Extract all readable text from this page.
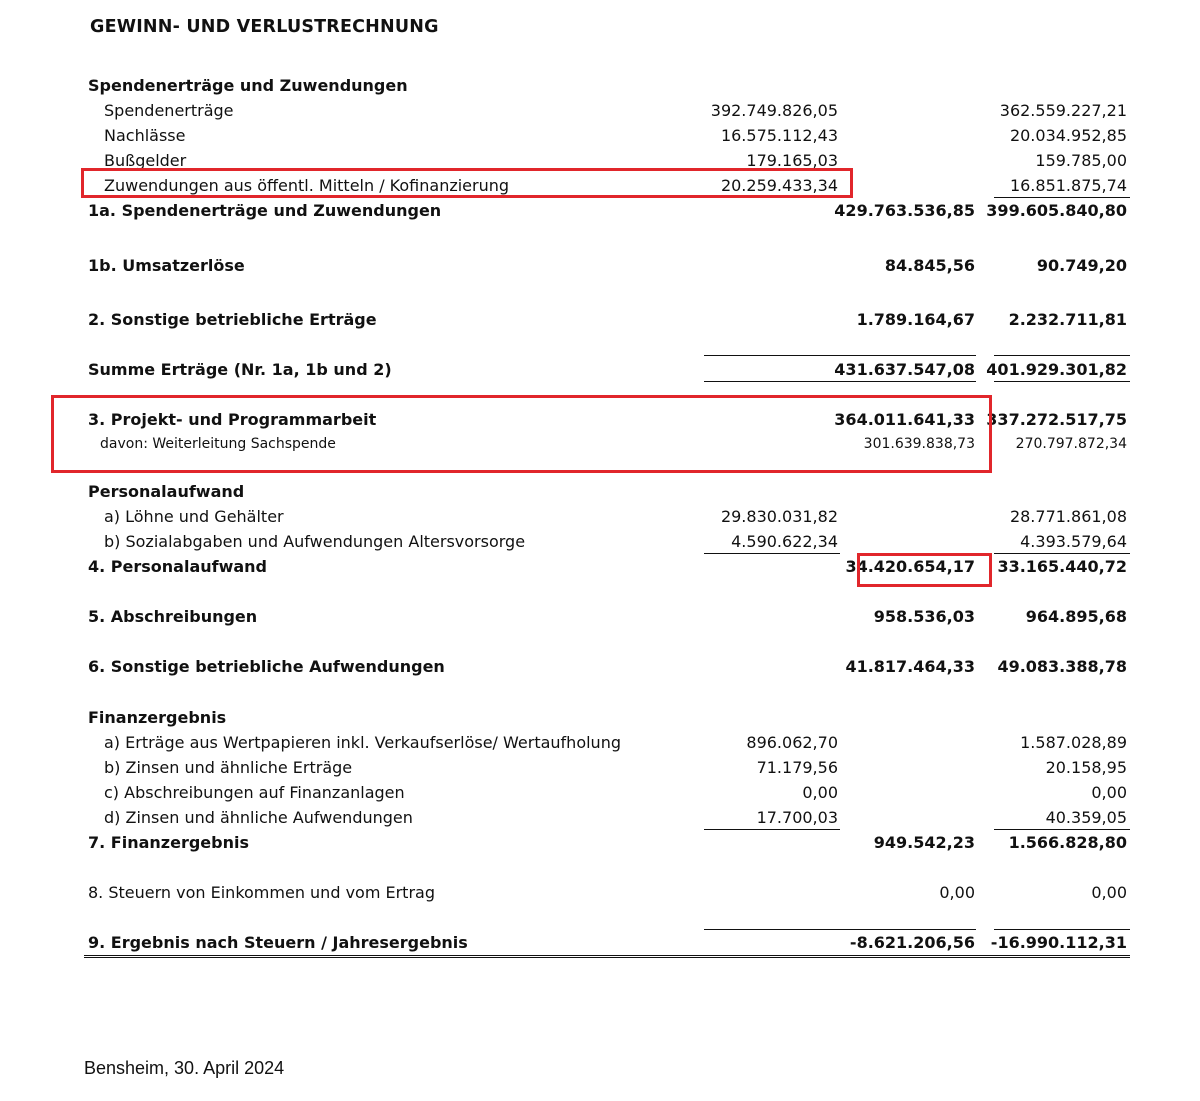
GEWINN- UND VERLUSTRECHNUNG
Spendenerträge und Zuwendungen
Spendenerträge	392.749.826,05	362.559.227,21
Nachlässe	16.575.112,43	20.034.952,85
Bußgelder	179.165,03	159.785,00
Zuwendungen aus öffentl. Mitteln / Kofinanzierung	20.259.433,34	16.851.875,74
1a. Spendenerträge und Zuwendungen	429.763.536,85 399.605.840,80
1b. Umsatzerlöse	84.845,56	90.749,20
2. Sonstige betriebliche Erträge	1.789.164,67 2.232.711,81
Summe Erträge (Nr. 1a, 1b und 2)	431.637.547,08 401.929.301,82
3. Projekt- und Programmarbeit	364.011.641,33 337.272.517,75
davon: Weiterleitung Sachspende	301.639.838,73	270.797.872,34
Personalaufwand
a) Löhne und Gehälter	29.830.031,82	28.771.861,08
b) Sozialabgaben und Aufwendungen Altersvorsorge	4.590.622,34	4.393.579,64
4. Personalaufwand	34.420.654,17 33.165.440,72
5. Abschreibungen	958.536,03	964.895,68
6. Sonstige betriebliche Aufwendungen	41.817.464,33 49.083.388,78
Finanzergebnis
a) Erträge aus Wertpapieren inkl. Verkaufserlöse/ Wertaufholung	896.062,70	1.587.028,89
b) Zinsen und ähnliche Erträge	71.179,56	20.158,95
c) Abschreibungen auf Finanzanlagen	0,00	0,00
d) Zinsen und ähnliche Aufwendungen	17.700,03	40.359,05
7. Finanzergebnis	949.542,23 1.566.828,80
8. Steuern von Einkommen und vom Ertrag	0,00	0,00
9. Ergebnis nach Steuern / Jahresergebnis	-8.621.206,56 -16.990.112,31
Bensheim, 30. April 2024
